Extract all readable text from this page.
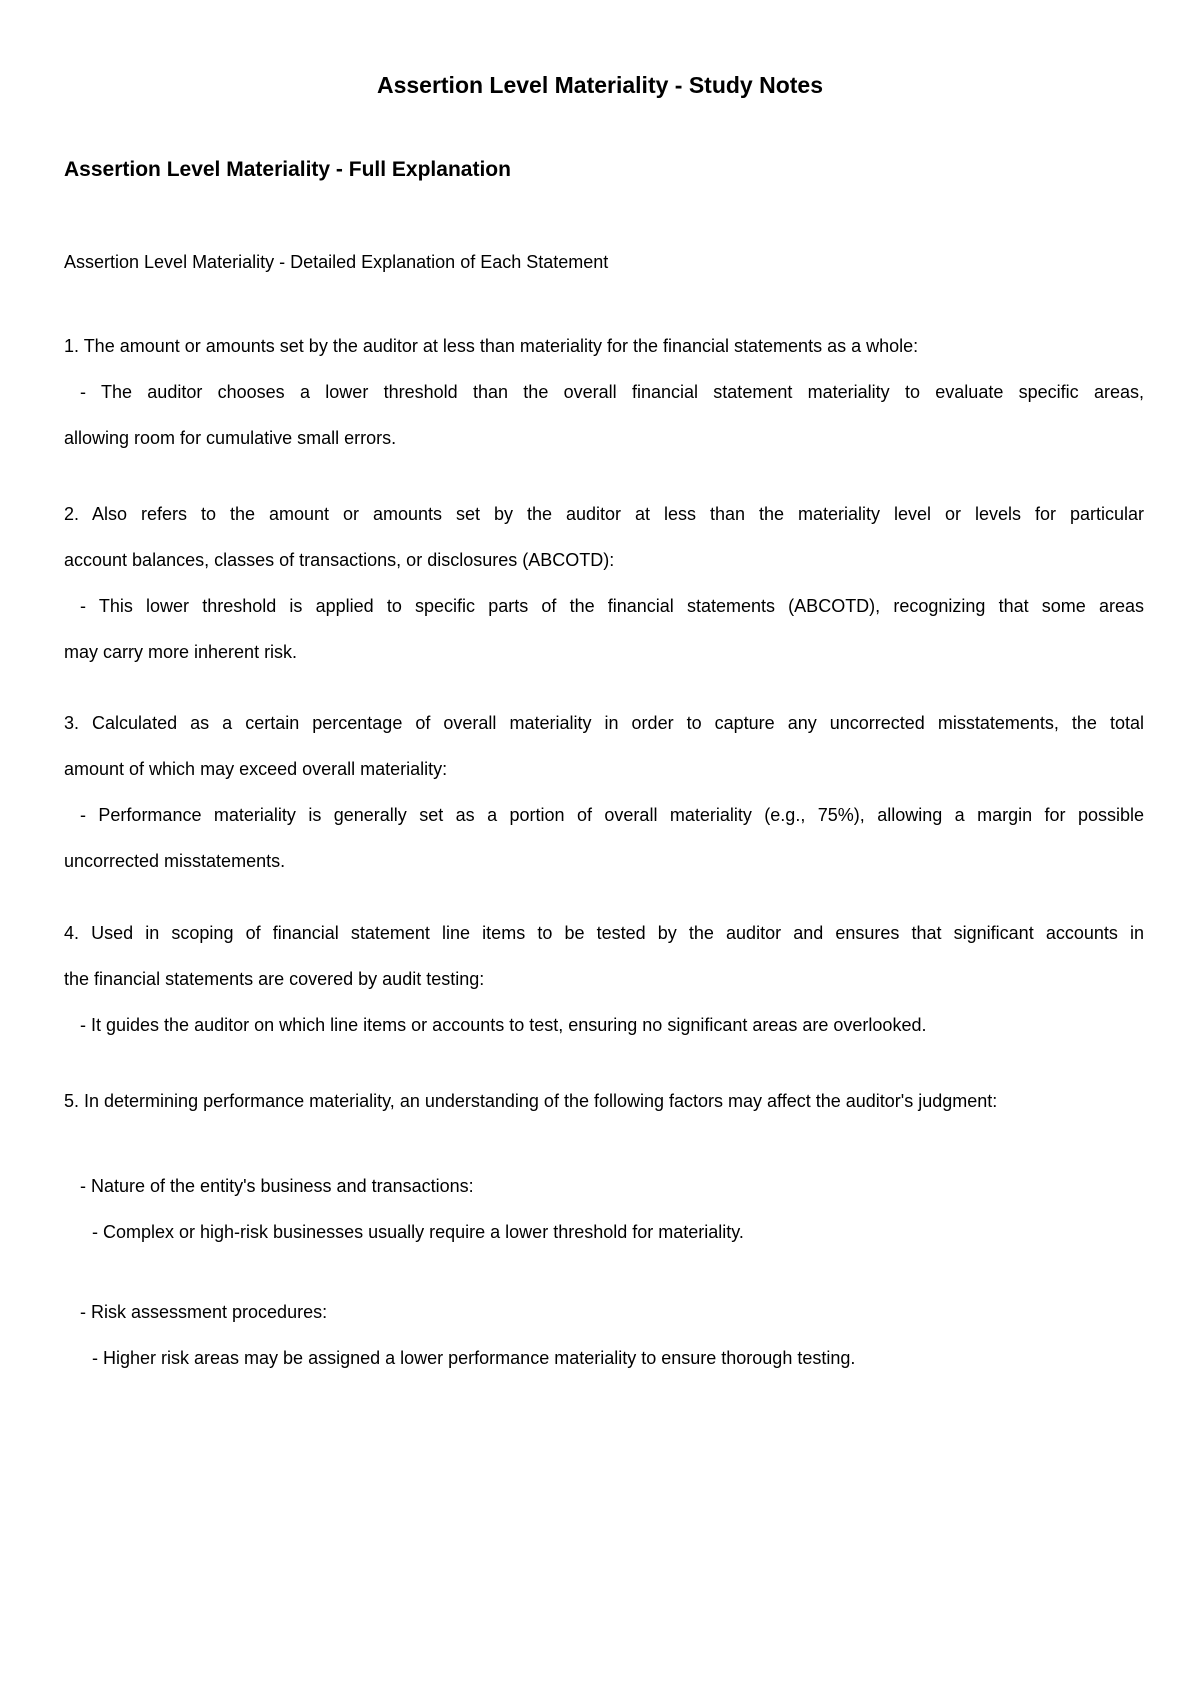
Assertion Level Materiality - Study Notes
Assertion Level Materiality - Full Explanation
Assertion Level Materiality - Detailed Explanation of Each Statement
1. The amount or amounts set by the auditor at less than materiality for the financial statements as a whole:
- The auditor chooses a lower threshold than the overall financial statement materiality to evaluate specific areas,
allowing room for cumulative small errors.
2. Also refers to the amount or amounts set by the auditor at less than the materiality level or levels for particular
account balances, classes of transactions, or disclosures (ABCOTD):
- This lower threshold is applied to specific parts of the financial statements (ABCOTD), recognizing that some areas
may carry more inherent risk.
3. Calculated as a certain percentage of overall materiality in order to capture any uncorrected misstatements, the total
amount of which may exceed overall materiality:
- Performance materiality is generally set as a portion of overall materiality (e.g., 75%), allowing a margin for possible
uncorrected misstatements.
4. Used in scoping of financial statement line items to be tested by the auditor and ensures that significant accounts in
the financial statements are covered by audit testing:
- It guides the auditor on which line items or accounts to test, ensuring no significant areas are overlooked.
5. In determining performance materiality, an understanding of the following factors may affect the auditor's judgment:
- Nature of the entity's business and transactions:
- Complex or high-risk businesses usually require a lower threshold for materiality.
- Risk assessment procedures:
- Higher risk areas may be assigned a lower performance materiality to ensure thorough testing.
